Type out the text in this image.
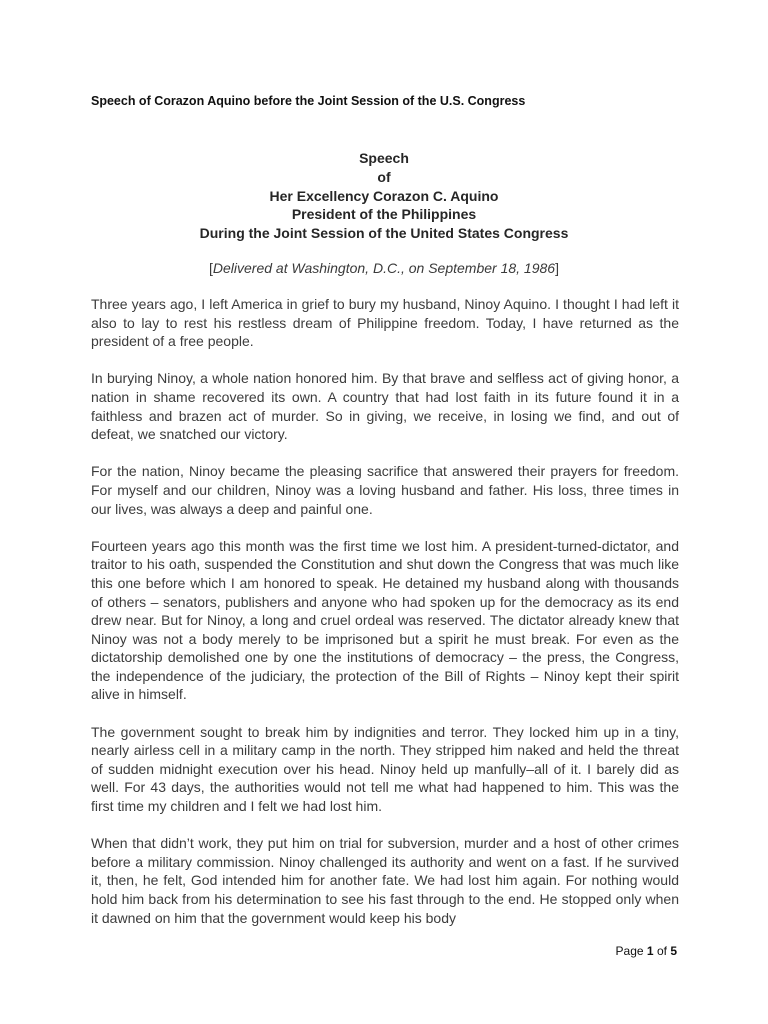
Speech of Corazon Aquino before the Joint Session of the U.S. Congress
Speech
of
Her Excellency Corazon C. Aquino
President of the Philippines
During the Joint Session of the United States Congress
[Delivered at Washington, D.C., on September 18, 1986]

Three years ago, I left America in grief to bury my husband, Ninoy Aquino. I thought I had left it also to lay to rest his restless dream of Philippine freedom. Today, I have returned as the president of a free people.

In burying Ninoy, a whole nation honored him. By that brave and selfless act of giving honor, a nation in shame recovered its own. A country that had lost faith in its future found it in a faithless and brazen act of murder. So in giving, we receive, in losing we find, and out of defeat, we snatched our victory.

For the nation, Ninoy became the pleasing sacrifice that answered their prayers for freedom. For myself and our children, Ninoy was a loving husband and father. His loss, three times in our lives, was always a deep and painful one.

Fourteen years ago this month was the first time we lost him. A president-turned-dictator, and traitor to his oath, suspended the Constitution and shut down the Congress that was much like this one before which I am honored to speak. He detained my husband along with thousands of others – senators, publishers and anyone who had spoken up for the democracy as its end drew near. But for Ninoy, a long and cruel ordeal was reserved. The dictator already knew that Ninoy was not a body merely to be imprisoned but a spirit he must break. For even as the dictatorship demolished one by one the institutions of democracy – the press, the Congress, the independence of the judiciary, the protection of the Bill of Rights – Ninoy kept their spirit alive in himself.

The government sought to break him by indignities and terror. They locked him up in a tiny, nearly airless cell in a military camp in the north. They stripped him naked and held the threat of sudden midnight execution over his head. Ninoy held up manfully–all of it. I barely did as well. For 43 days, the authorities would not tell me what had happened to him. This was the first time my children and I felt we had lost him.

When that didn’t work, they put him on trial for subversion, murder and a host of other crimes before a military commission. Ninoy challenged its authority and went on a fast. If he survived it, then, he felt, God intended him for another fate. We had lost him again. For nothing would hold him back from his determination to see his fast through to the end. He stopped only when it dawned on him that the government would keep his body

Page 1 of 5
